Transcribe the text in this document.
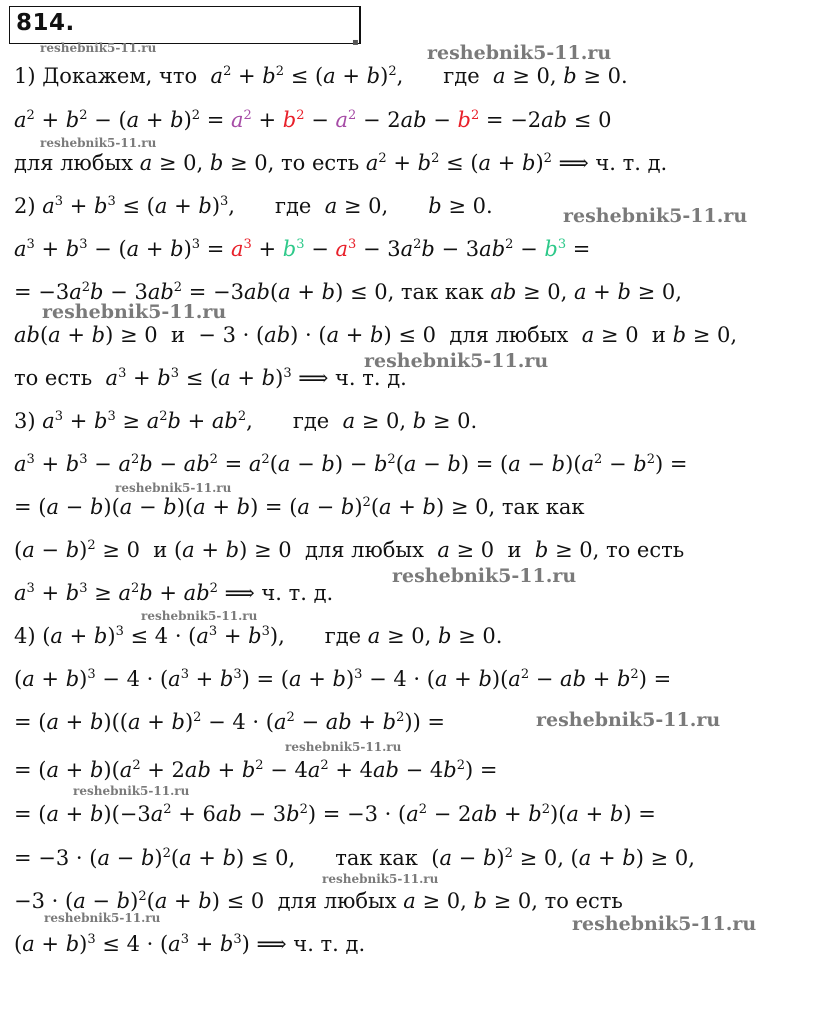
814.
▪
1) Докажем, что  $a^2 + b^2 \le (a + b)^2$, где  a ≥ 0, b ≥ 0.
$a^2 + b^2 - (a + b)^2 = a^2 + b^2 - a^2 - 2ab - b^2 = -2ab \le 0$
для любых a ≥ 0, b ≥ 0, то есть $a^2 + b^2 \le (a + b)^2$ ⟹ ч. т. д.
2) $a^3 + b^3 \le (a + b)^3$, где  a ≥ 0, b ≥ 0.
$a^3 + b^3 - (a + b)^3 = a^3 + b^3 - a^3 - 3a^2b - 3ab^2 - b^3$ =
= $-3a^2b - 3ab^2 = -3ab(a + b) \le 0$, так как ab ≥ 0, a + b ≥ 0,
ab(a + b) ≥ 0  и  − 3 · (ab) · (a + b) ≤ 0  для любых  a ≥ 0  и b ≥ 0,
то есть  $a^3 + b^3 \le (a + b)^3$ ⟹ ч. т. д.
3) $a^3 + b^3 \ge a^2b + ab^2$, где  a ≥ 0, b ≥ 0.
$a^3 + b^3 - a^2b - ab^2 = a^2(a - b) - b^2(a - b) = (a - b)(a^2 - b^2)$ =
= $(a - b)(a - b)(a + b) = (a - b)^2(a + b) \ge 0$, так как
$(a - b)^2 \ge 0$  и (a + b) ≥ 0  для любых  a ≥ 0  и  b ≥ 0, то есть
$a^3 + b^3 \ge a^2b + ab^2$ ⟹ ч. т. д.
4) $(a + b)^3 \le 4 \cdot (a^3 + b^3)$, где a ≥ 0, b ≥ 0.
$(a + b)^3 - 4 \cdot (a^3 + b^3) = (a + b)^3 - 4 \cdot (a + b)(a^2$ − ab + $b^2$) =
= $(a + b)((a + b)^2 - 4 \cdot (a^2$ − ab + $b^2$)) =
= $(a + b)(a^2 + 2ab + b^2 - 4a^2 + 4ab - 4b^2)$ =
= $(a + b)(-3a^2 + 6ab - 3b^2) = -3 \cdot (a^2 - 2ab + b^2)(a + b)$ =
= $-3 \cdot (a - b)^2(a + b) \le 0$, так как  $(a - b)^2 \ge 0$, (a + b) ≥ 0,
$-3 \cdot (a - b)^2(a + b) \le 0$  для любых a ≥ 0, b ≥ 0, то есть
$(a + b)^3 \le 4 \cdot (a^3 + b^3)$ ⟹ ч. т. д.
reshebnik5-11.ru	reshebnik5-11.ru
reshebnik5-11.ru
reshebnik5-11.ru
reshebnik5-11.ru
reshebnik5-11.ru
reshebnik5-11.ru
reshebnik5-11.ru
reshebnik5-11.ru
reshebnik5-11.ru
reshebnik5-11.ru
reshebnik5-11.ru
reshebnik5-11.ru
reshebnik5-11.ru	reshebnik5-11.ru
